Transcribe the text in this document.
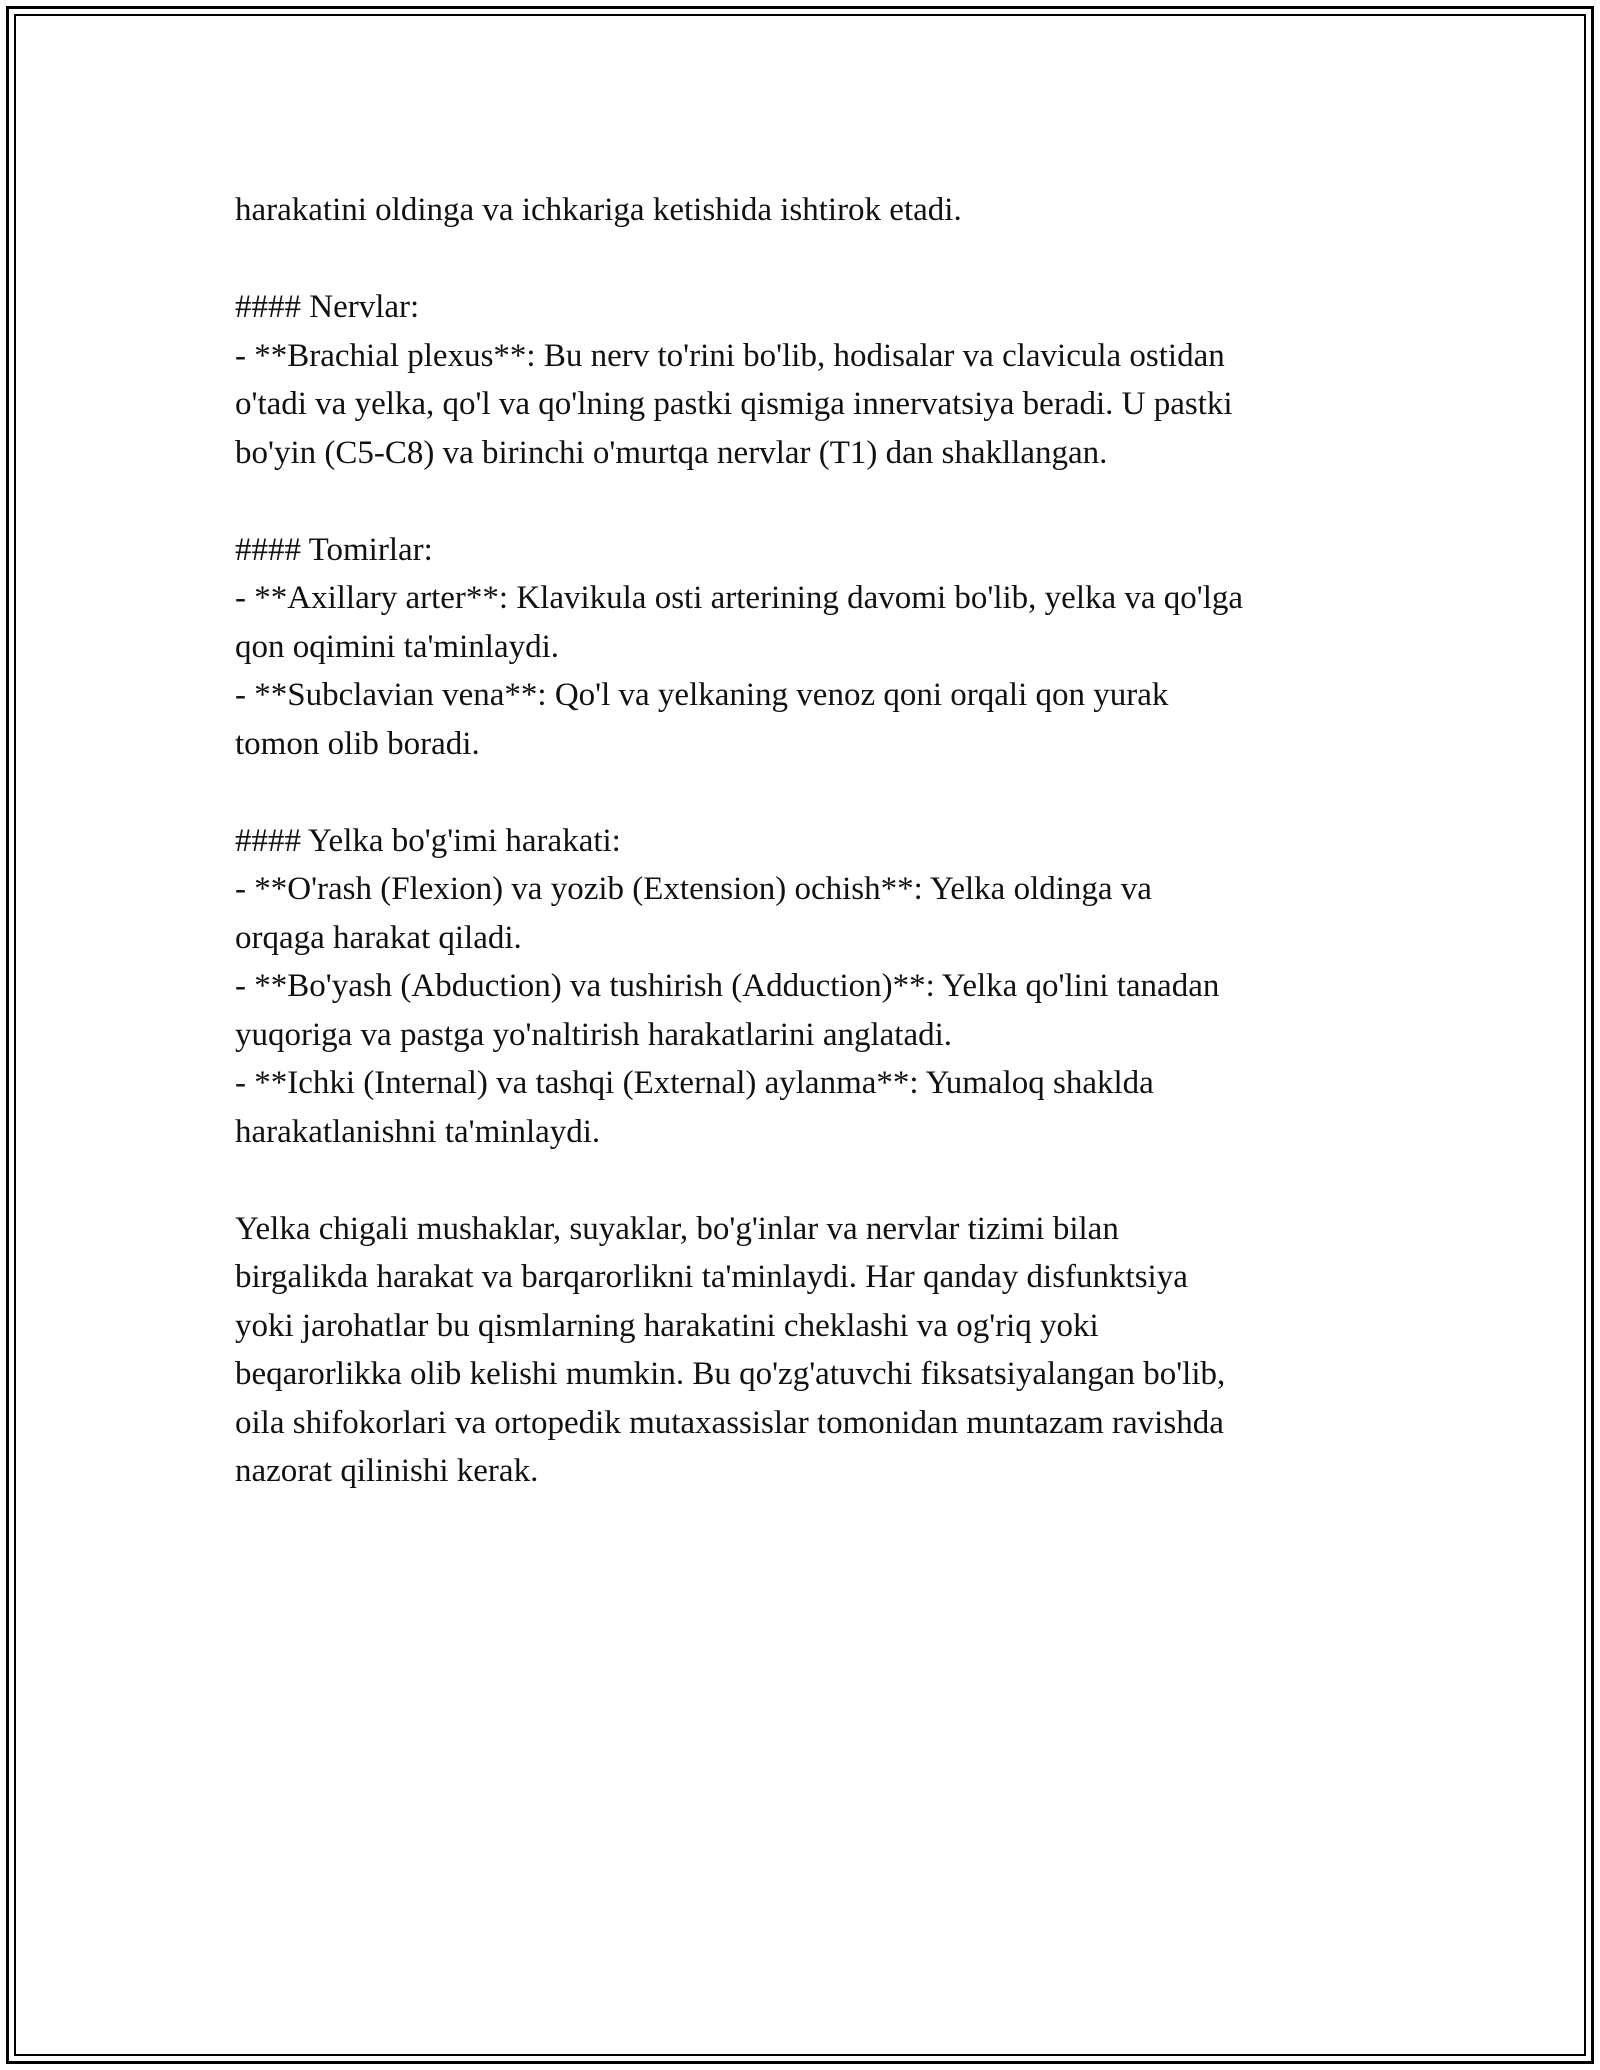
harakatini oldinga va ichkariga ketishida ishtirok etadi.
#### Nervlar:
- **Brachial plexus**: Bu nerv to'rini bo'lib, hodisalar va clavicula ostidan
o'tadi va yelka, qo'l va qo'lning pastki qismiga innervatsiya beradi. U pastki
bo'yin (C5-C8) va birinchi o'murtqa nervlar (T1) dan shakllangan.
#### Tomirlar:
- **Axillary arter**: Klavikula osti arterining davomi bo'lib, yelka va qo'lga
qon oqimini ta'minlaydi.
- **Subclavian vena**: Qo'l va yelkaning venoz qoni orqali qon yurak
tomon olib boradi.
#### Yelka bo'g'imi harakati:
- **O'rash (Flexion) va yozib (Extension) ochish**: Yelka oldinga va
orqaga harakat qiladi.
- **Bo'yash (Abduction) va tushirish (Adduction)**: Yelka qo'lini tanadan
yuqoriga va pastga yo'naltirish harakatlarini anglatadi.
- **Ichki (Internal) va tashqi (External) aylanma**: Yumaloq shaklda
harakatlanishni ta'minlaydi.
Yelka chigali mushaklar, suyaklar, bo'g'inlar va nervlar tizimi bilan
birgalikda harakat va barqarorlikni ta'minlaydi. Har qanday disfunktsiya
yoki jarohatlar bu qismlarning harakatini cheklashi va og'riq yoki
beqarorlikka olib kelishi mumkin. Bu qo'zg'atuvchi fiksatsiyalangan bo'lib,
oila shifokorlari va ortopedik mutaxassislar tomonidan muntazam ravishda
nazorat qilinishi kerak.
